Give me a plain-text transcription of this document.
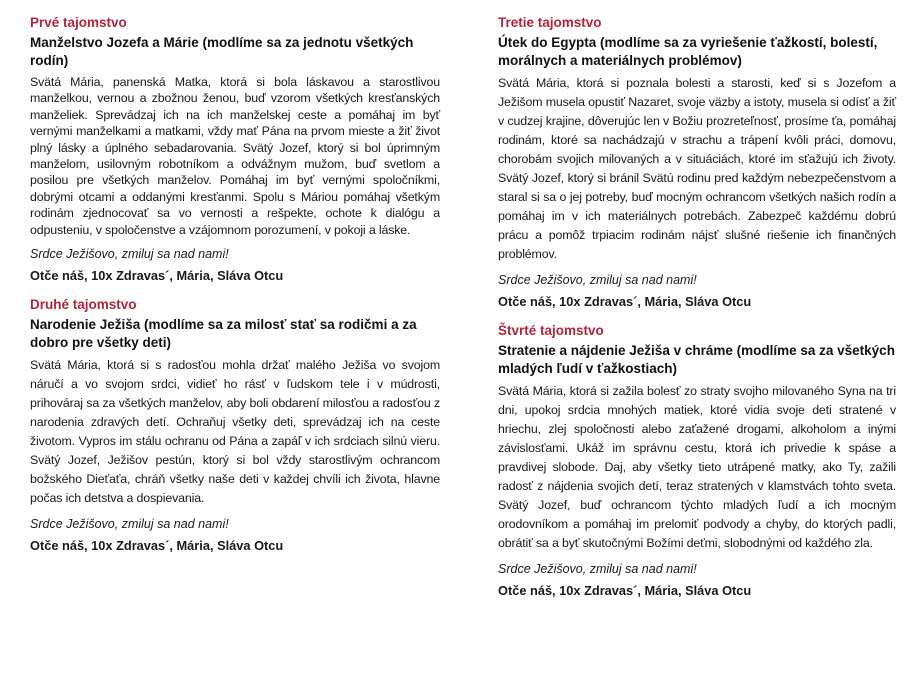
Prvé tajomstvo
Manželstvo Jozefa a Márie (modlíme sa za jednotu všetkých rodín)

Svätá Mária, panenská Matka, ktorá si bola láskavou a starostlivou manželkou, vernou a zbožnou ženou, buď vzorom všetkých kresťanských manželiek. Sprevádzaj ich na ich manželskej ceste a pomáhaj im byť vernými manželkami a matkami, vždy mať Pána na prvom mieste a žiť život plný lásky a úplného sebadarovania. Svätý Jozef, ktorý si bol úprimným manželom, usilovným robotníkom a odvážnym mužom, buď svetlom a posilou pre všetkých manželov. Pomáhaj im byť vernými spoločníkmi, dobrými otcami a oddanými kresťanmi. Spolu s Máriou pomáhaj všetkým rodinám zjednocovať sa vo vernosti a rešpekte, ochote k dialógu a odpusteniu, v spoločenstve a vzájomnom porozumení, v pokoji a láske.

Srdce Ježišovo, zmiluj sa nad nami!

Otče náš, 10x Zdravas´, Mária, Sláva Otcu

Druhé tajomstvo
Narodenie Ježiša (modlíme sa za milosť stať sa rodičmi a za dobro pre všetky deti)

Svätá Mária, ktorá si s radosťou mohla držať malého Ježiša vo svojom náručí a vo svojom srdci, vidieť ho rásť v ľudskom tele i v múdrosti, prihováraj sa za všetkých manželov, aby boli obdarení milosťou a radosťou z narodenia zdravých detí. Ochraňuj všetky deti, sprevádzaj ich na ceste životom. Vypros im stálu ochranu od Pána a zapáľ v ich srdciach silnú vieru. Svätý Jozef, Ježišov pestún, ktorý si bol vždy starostlivým ochrancom božského Dieťaťa, chráň všetky naše deti v každej chvíli ich života, hlavne počas ich detstva a dospievania.

Srdce Ježišovo, zmiluj sa nad nami!

Otče náš, 10x Zdravas´, Mária, Sláva Otcu

Tretie tajomstvo
Útek do Egypta (modlíme sa za vyriešenie ťažkostí, bolestí, morálnych a materiálnych problémov)

Svätá Mária, ktorá si poznala bolesti a starosti, keď si s Jozefom a Ježišom musela opustiť Nazaret, svoje väzby a istoty, musela si odísť a žiť v cudzej krajine, dôverujúc len v Božiu prozreteľnosť, prosíme ťa, pomáhaj rodinám, ktoré sa nachádzajú v strachu a trápení kvôli práci, domovu, chorobám svojich milovaných a v situáciách, ktoré im sťažujú ich životy. Svätý Jozef, ktorý si bránil Svätú rodinu pred každým nebezpečenstvom a staral si sa o jej potreby, buď mocným ochrancom všetkých našich rodín a pomáhaj im v ich materiálnych potrebách. Zabezpeč každému dobrú prácu a pomôž trpiacim rodinám nájsť slušné riešenie ich finančných problémov.

Srdce Ježišovo, zmiluj sa nad nami!

Otče náš, 10x Zdravas´, Mária, Sláva Otcu

Štvrté tajomstvo
Stratenie a nájdenie Ježiša v chráme (modlíme sa za všetkých mladých ľudí v ťažkostiach)

Svätá Mária, ktorá si zažila bolesť zo straty svojho milovaného Syna na tri dni, upokoj srdcia mnohých matiek, ktoré vidia svoje deti stratené v hriechu, zlej spoločnosti alebo zaťažené drogami, alkoholom a inými závislosťami. Ukáž im správnu cestu, ktorá ich privedie k spáse a pravdivej slobode. Daj, aby všetky tieto utrápené matky, ako Ty, zažili radosť z nájdenia svojich detí, teraz stratených v klamstvách tohto sveta. Svätý Jozef, buď ochrancom týchto mladých ľudí a ich mocným orodovníkom a pomáhaj im prelomiť podvody a chyby, do ktorých padli, obrátiť sa a byť skutočnými Božími deťmi, slobodnými od každého zla.

Srdce Ježišovo, zmiluj sa nad nami!

Otče náš, 10x Zdravas´, Mária, Sláva Otcu
